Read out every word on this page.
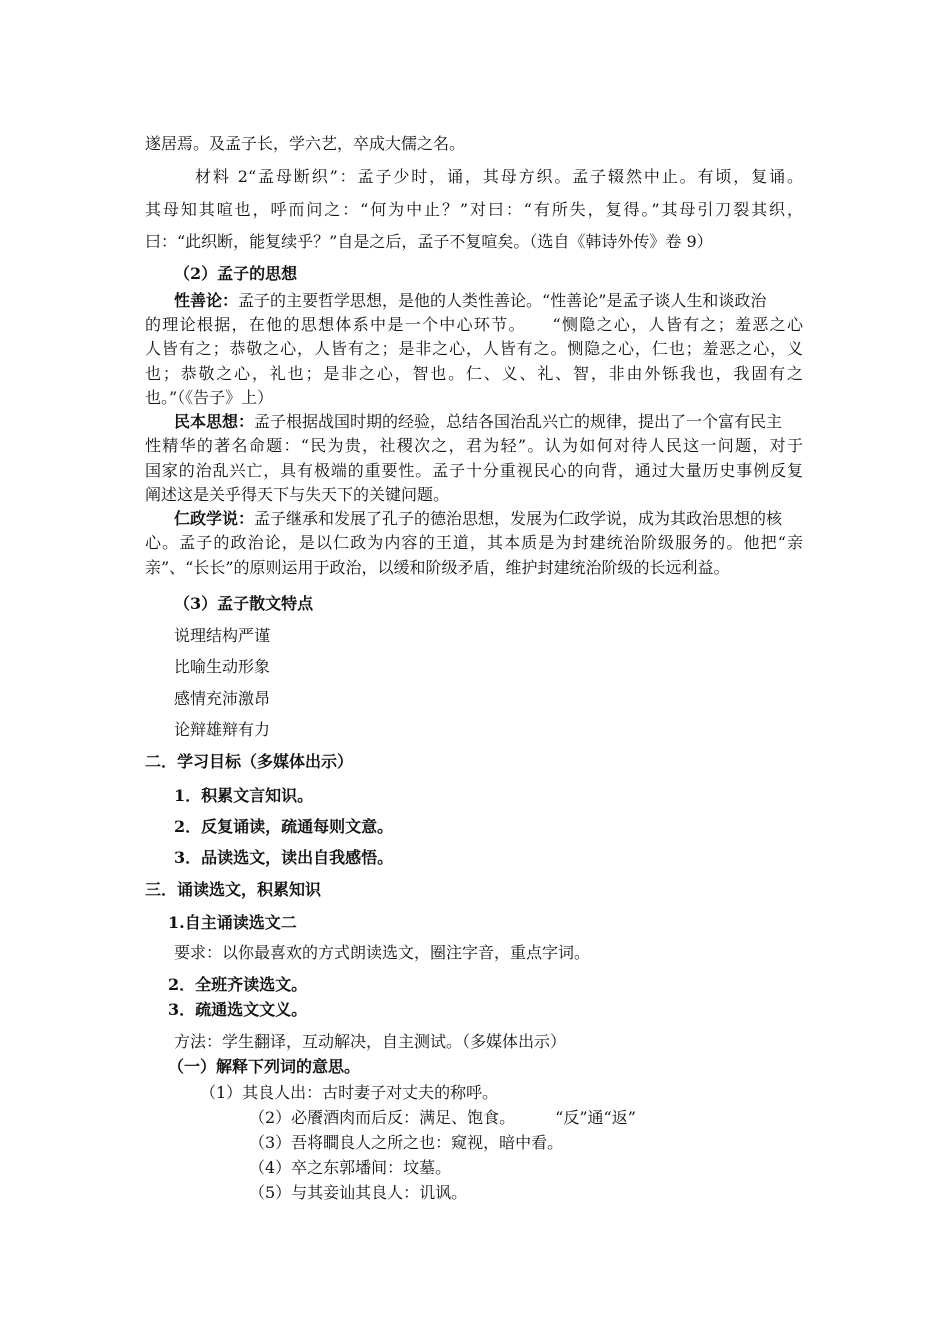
遂居焉。及孟子长，学六艺，卒成大儒之名。
材料 2“孟母断织”：孟子少时，诵，其母方织。孟子辍然中止。有顷，复诵。
其母知其喧也，呼而问之：“何为中止？”对曰：“有所失，复得。”其母引刀裂其织，
曰：“此织断，能复续乎？”自是之后，孟子不复喧矣。（选自《韩诗外传》卷 9）
（2）孟子的思想
性善论：孟子的主要哲学思想，是他的人类性善论。“性善论”是孟子谈人生和谈政治
的理论根据，在他的思想体系中是一个中心环节。　　“恻隐之心，人皆有之；羞恶之心
人皆有之；恭敬之心，人皆有之；是非之心，人皆有之。恻隐之心，仁也；羞恶之心，义
也；恭敬之心，礼也；是非之心，智也。仁、义、礼、智，非由外铄我也，我固有之
也。”（《告子》上）
民本思想：孟子根据战国时期的经验，总结各国治乱兴亡的规律，提出了一个富有民主
性精华的著名命题：“民为贵，社稷次之，君为轻”。认为如何对待人民这一问题，对于
国家的治乱兴亡，具有极端的重要性。孟子十分重视民心的向背，通过大量历史事例反复
阐述这是关乎得天下与失天下的关键问题。
仁政学说：孟子继承和发展了孔子的德治思想，发展为仁政学说，成为其政治思想的核
心。孟子的政治论，是以仁政为内容的王道，其本质是为封建统治阶级服务的。他把“亲
亲”、“长长”的原则运用于政治，以缓和阶级矛盾，维护封建统治阶级的长远利益。
（3）孟子散文特点
说理结构严谨
比喻生动形象
感情充沛激昂
论辩雄辩有力
二．学习目标（多媒体出示）
1．积累文言知识。
2．反复诵读，疏通每则文意。
3．品读选文，读出自我感悟。
三．诵读选文，积累知识
1.自主诵读选文二
要求：以你最喜欢的方式朗读选文，圈注字音，重点字词。
2．全班齐读选文。
3．疏通选文文义。
方法：学生翻译，互动解决，自主测试。（多媒体出示）
（一）解释下列词的意思。
（1）其良人出：古时妻子对丈夫的称呼。
（2）必餍酒肉而后反：满足、饱食。　　　“反”通“返”
（3）吾将瞷良人之所之也：窥视，暗中看。
（4）卒之东郭墦间：坟墓。
（5）与其妾讪其良人：讥讽。
